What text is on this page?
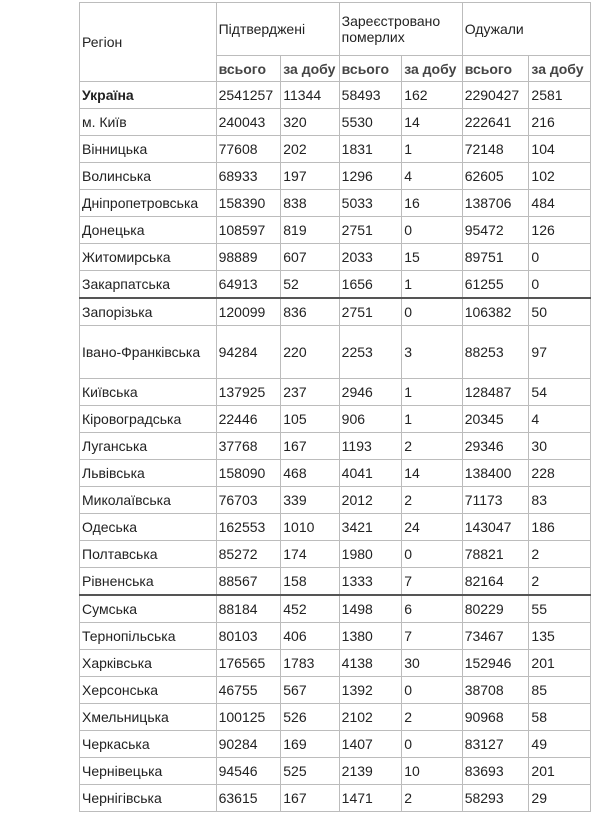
Регіон	Підтверджені		Зареєстровано померлих		Одужали	
	всього	за добу	всього	за добу	всього	за добу
Україна	2541257	11344	58493	162	2290427	2581
м. Київ	240043	320	5530	14	222641	216
Вінницька	77608	202	1831	1	72148	104
Волинська	68933	197	1296	4	62605	102
Дніпропетровська	158390	838	5033	16	138706	484
Донецька	108597	819	2751	0	95472	126
Житомирська	98889	607	2033	15	89751	0
Закарпатська	64913	52	1656	1	61255	0
Запорізька	120099	836	2751	0	106382	50
Івано-Франківська	94284	220	2253	3	88253	97
Київська	137925	237	2946	1	128487	54
Кіровоградська	22446	105	906	1	20345	4
Луганська	37768	167	1193	2	29346	30
Львівська	158090	468	4041	14	138400	228
Миколаївська	76703	339	2012	2	71173	83
Одеська	162553	1010	3421	24	143047	186
Полтавська	85272	174	1980	0	78821	2
Рівненська	88567	158	1333	7	82164	2
Сумська	88184	452	1498	6	80229	55
Тернопільська	80103	406	1380	7	73467	135
Харківська	176565	1783	4138	30	152946	201
Херсонська	46755	567	1392	0	38708	85
Хмельницька	100125	526	2102	2	90968	58
Черкаська	90284	169	1407	0	83127	49
Чернівецька	94546	525	2139	10	83693	201
Чернігівська	63615	167	1471	2	58293	29
